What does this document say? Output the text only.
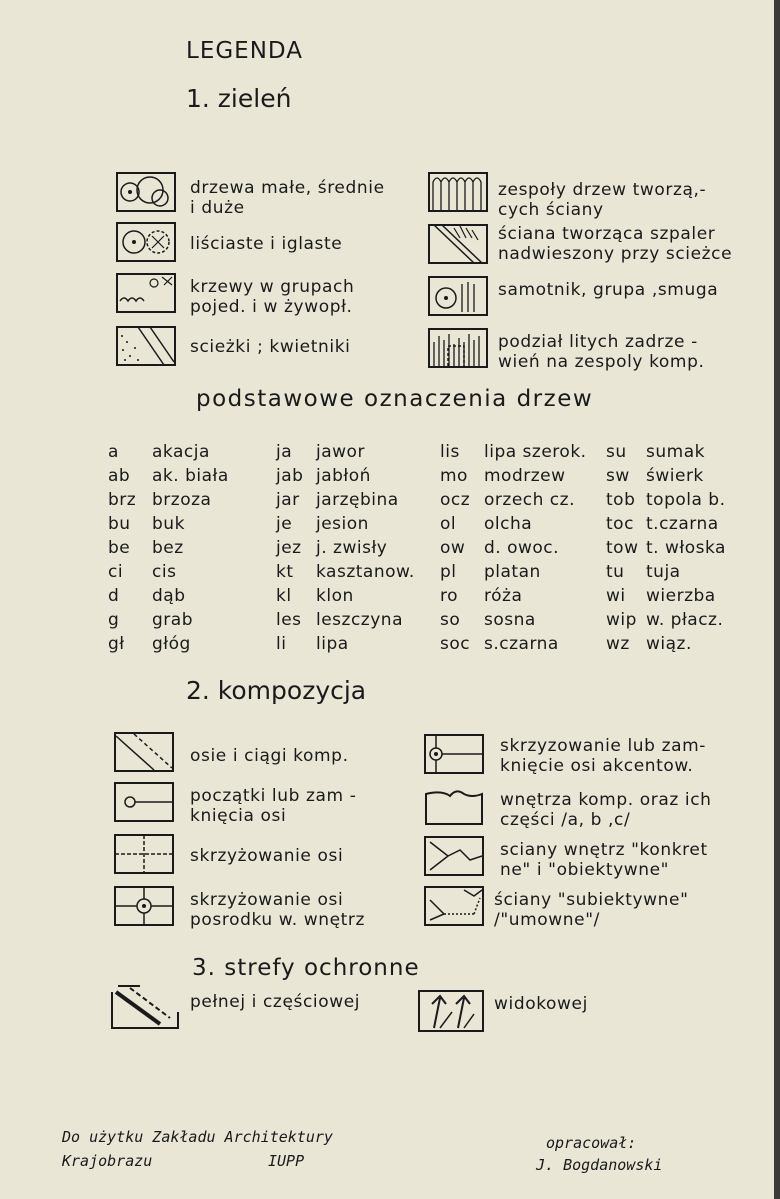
LEGENDA
1. zieleń
drzewa małe, średnie
i duże
liściaste i iglaste
krzewy w grupach
pojed. i w żywopł.
scieżki ; kwietniki
zespoły drzew tworzą,-
cych ściany
ściana tworząca szpaler
nadwieszony przy scieżce
samotnik, grupa ,smuga
podział litych zadrze -
wień na zespoly komp.
podstawowe oznaczenia drzew
a akacja
ab ak. biała
brz brzoza
bu buk
be bez
ci cis
d dąb
g grab
gł głóg
ja jawor
jab jabłoń
jar jarzębina
je jesion
jez j. zwisły
kt kasztanow.
kl klon
les leszczyna
li lipa
lis lipa szerok.
mo modrzew
ocz orzech cz.
ol olcha
ow d. owoc.
pl platan
ro róża
so sosna
soc s.czarna
su sumak
sw świerk
tob topola b.
toc t.czarna
tow t. włoska
tu tuja
wi wierzba
wip w. płacz.
wz wiąz.
2. kompozycja
osie i ciągi komp.
początki lub zam -
knięcia osi
skrzyżowanie osi
skrzyżowanie osi
posrodku w. wnętrz
skrzyzowanie lub zam-
knięcie osi akcentow.
wnętrza komp. oraz ich
części /a, b ,c/
sciany wnętrz "konkret
ne" i "obiektywne"
ściany "subiektywne"
/"umowne"/
3. strefy ochronne
pełnej i częściowej	widokowej
Do użytku Zakładu Architektury
Krajobrazu	IUPP
opracował:
J. Bogdanowski
